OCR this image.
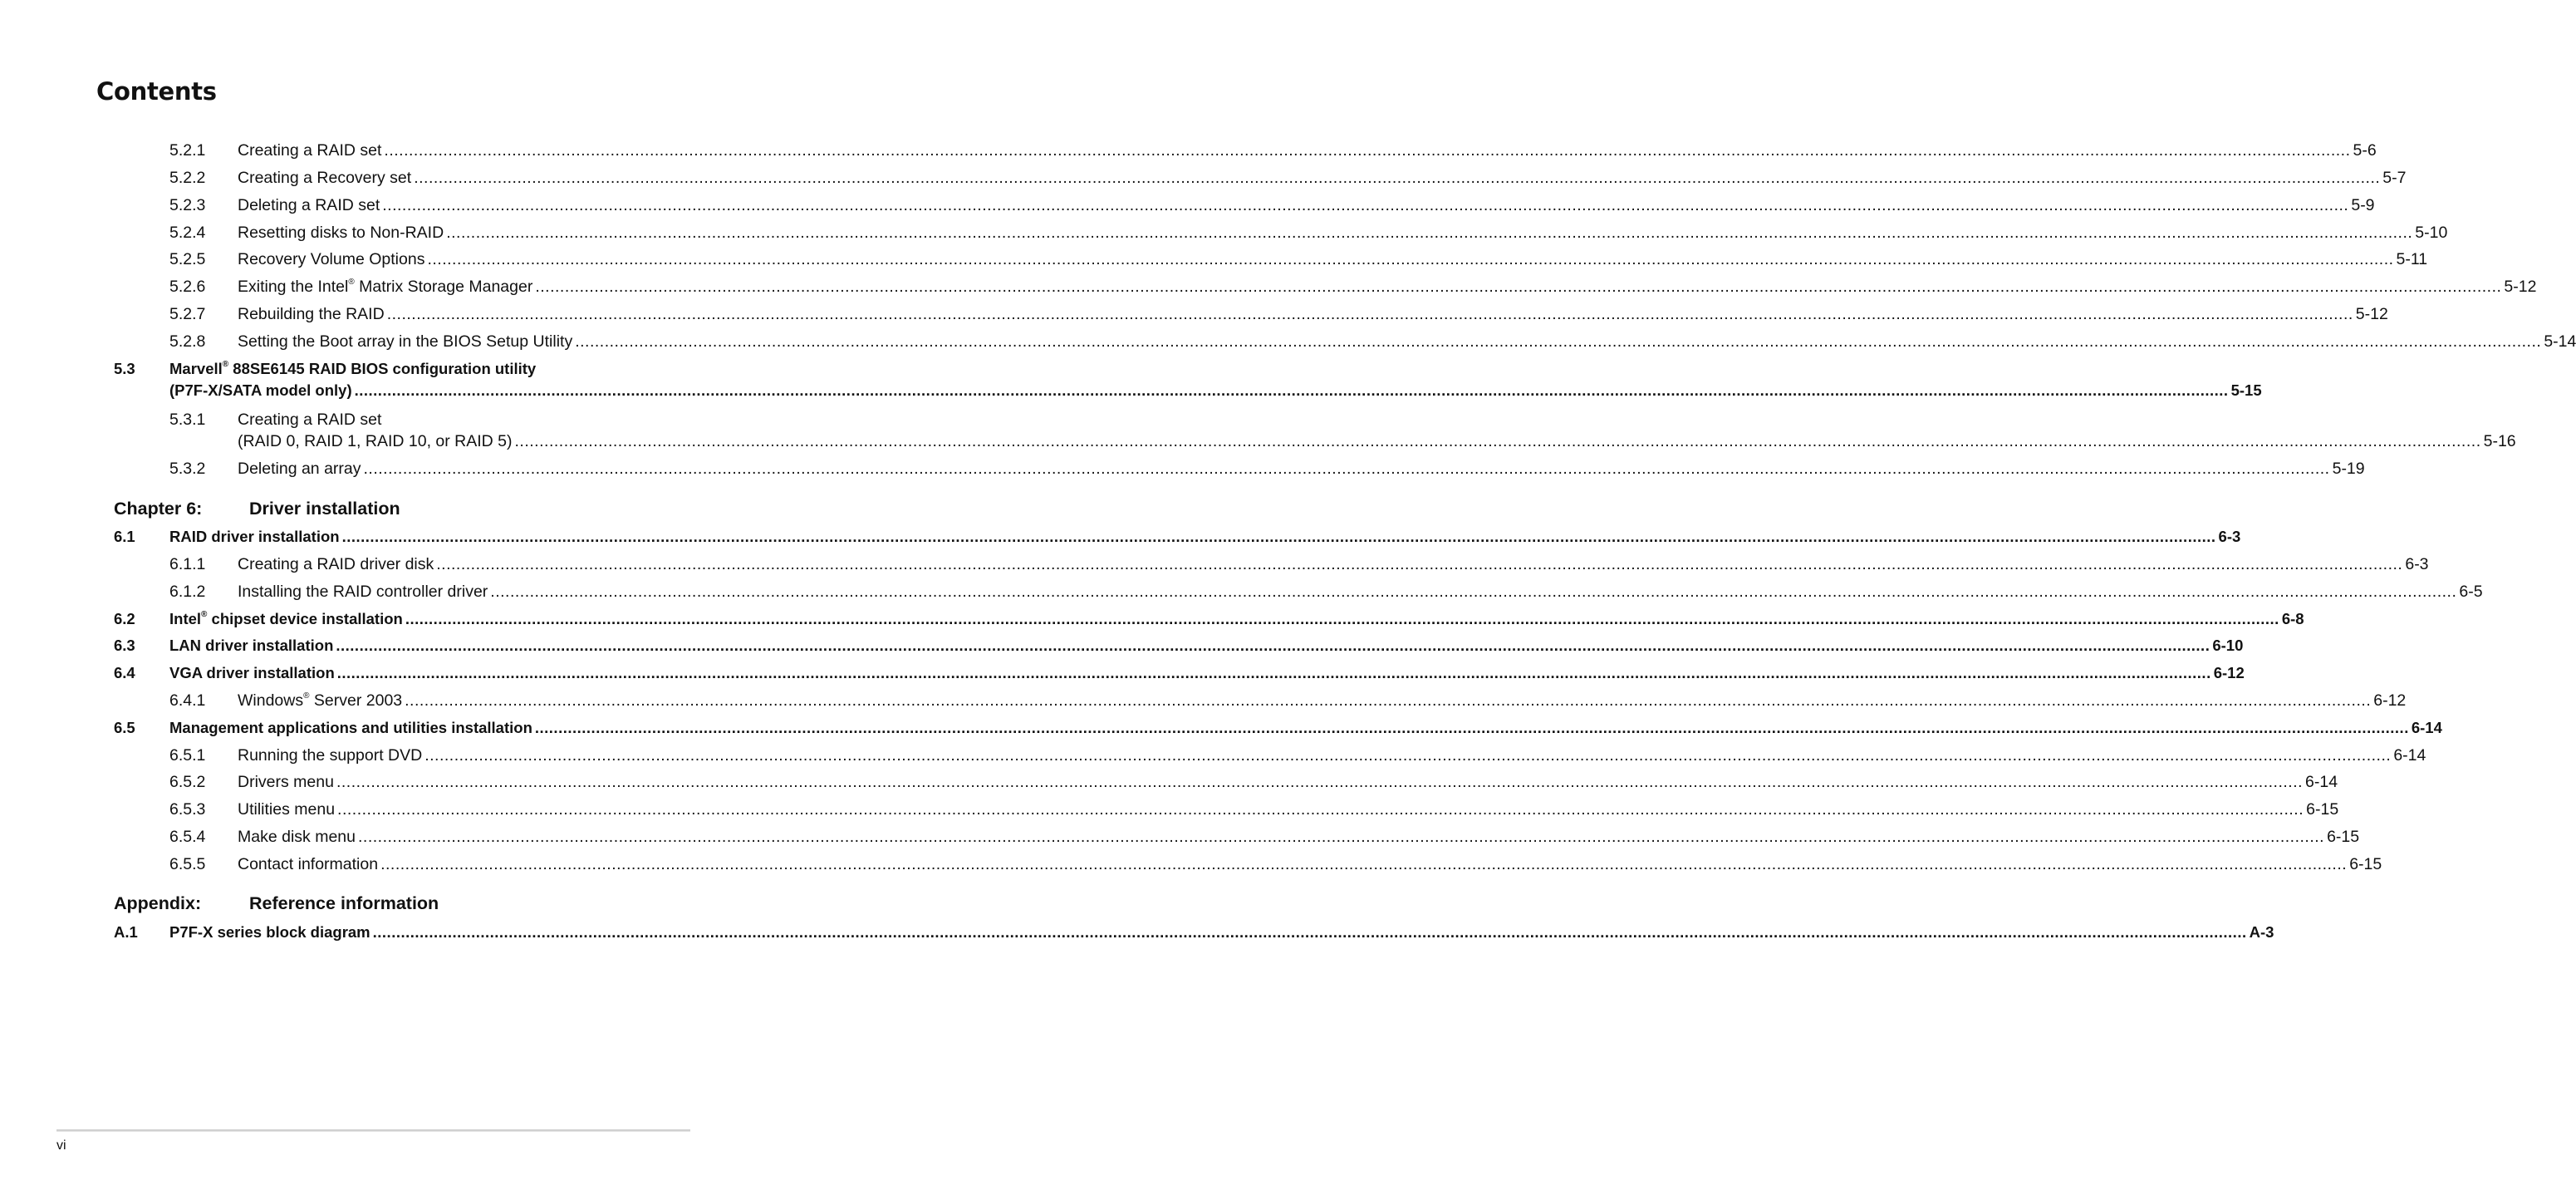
Contents
5.2.1 Creating a RAID set ................................................................................................................................................................................................................................................................................................................................................................................................................ 5-6
5.2.2 Creating a Recovery set ................................................................................................................................................................................................................................................................................................................................................................................................................ 5-7
5.2.3 Deleting a RAID set ................................................................................................................................................................................................................................................................................................................................................................................................................ 5-9
5.2.4 Resetting disks to Non-RAID ................................................................................................................................................................................................................................................................................................................................................................................................................ 5-10
5.2.5 Recovery Volume Options ................................................................................................................................................................................................................................................................................................................................................................................................................ 5-11
5.2.6 Exiting the Intel® Matrix Storage Manager ................................................................................................................................................................................................................................................................................................................................................................................................................ 5-12
5.2.7 Rebuilding the RAID ................................................................................................................................................................................................................................................................................................................................................................................................................ 5-12
5.2.8 Setting the Boot array in the BIOS Setup Utility ................................................................................................................................................................................................................................................................................................................................................................................................................ 5-14
5.3 Marvell® 88SE6145 RAID BIOS configuration utility
(P7F-X/SATA model only) ................................................................................................................................................................................................................................................................................................................................................................................................................ 5-15
5.3.1 Creating a RAID set
(RAID 0, RAID 1, RAID 10, or RAID 5) ................................................................................................................................................................................................................................................................................................................................................................................................................ 5-16
5.3.2 Deleting an array ................................................................................................................................................................................................................................................................................................................................................................................................................ 5-19
Chapter 6:	Driver installation
6.1 RAID driver installation ................................................................................................................................................................................................................................................................................................................................................................................................................ 6-3
6.1.1 Creating a RAID driver disk ................................................................................................................................................................................................................................................................................................................................................................................................................ 6-3
6.1.2 Installing the RAID controller driver ................................................................................................................................................................................................................................................................................................................................................................................................................ 6-5
6.2 Intel® chipset device installation ................................................................................................................................................................................................................................................................................................................................................................................................................ 6-8
6.3 LAN driver installation ................................................................................................................................................................................................................................................................................................................................................................................................................ 6-10
6.4 VGA driver installation ................................................................................................................................................................................................................................................................................................................................................................................................................ 6-12
6.4.1 Windows® Server 2003 ................................................................................................................................................................................................................................................................................................................................................................................................................ 6-12
6.5 Management applications and utilities installation ................................................................................................................................................................................................................................................................................................................................................................................................................ 6-14
6.5.1 Running the support DVD ................................................................................................................................................................................................................................................................................................................................................................................................................ 6-14
6.5.2 Drivers menu ................................................................................................................................................................................................................................................................................................................................................................................................................ 6-14
6.5.3 Utilities menu ................................................................................................................................................................................................................................................................................................................................................................................................................ 6-15
6.5.4 Make disk menu ................................................................................................................................................................................................................................................................................................................................................................................................................ 6-15
6.5.5 Contact information ................................................................................................................................................................................................................................................................................................................................................................................................................ 6-15
Appendix:	Reference information
A.1 P7F-X series block diagram ................................................................................................................................................................................................................................................................................................................................................................................................................ A-3
vi
